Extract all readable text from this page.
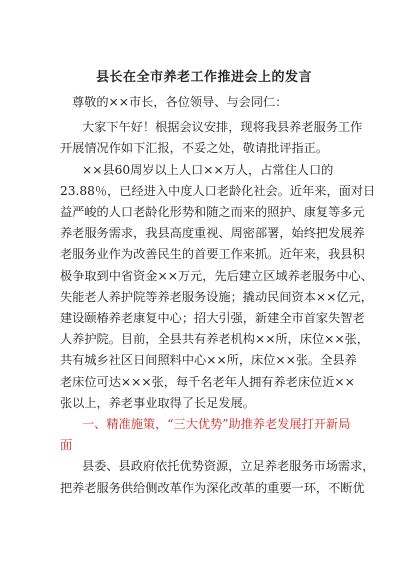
县长在全市养老工作推进会上的发言

尊敬的××市长，各位领导、与会同仁：

大家下午好！根据会议安排，现将我县养老服务工作

开展情况作如下汇报，不妥之处，敬请批评指正。

××县60周岁以上人口××万人，占常住人口的

23.88％，已经进入中度人口老龄化社会。近年来，面对日

益严峻的人口老龄化形势和随之而来的照护、康复等多元

养老服务需求，我县高度重视、周密部署，始终把发展养

老服务业作为改善民生的首要工作来抓。近年来，我县积

极争取到中省资金××万元，先后建立区域养老服务中心、

失能老人养护院等养老服务设施；撬动民间资本××亿元，

建设颐椿养老康复中心；招大引强，新建全市首家失智老

人养护院。目前，全县共有养老机构××所，床位××张，

共有城乡社区日间照料中心××所，床位××张。全县养

老床位可达×××张，每千名老年人拥有养老床位近××

张以上，养老事业取得了长足发展。

一、精准施策，“三大优势”助推养老发展打开新局

面

县委、县政府依托优势资源，立足养老服务市场需求，

把养老服务供给侧改革作为深化改革的重要一环，不断优
